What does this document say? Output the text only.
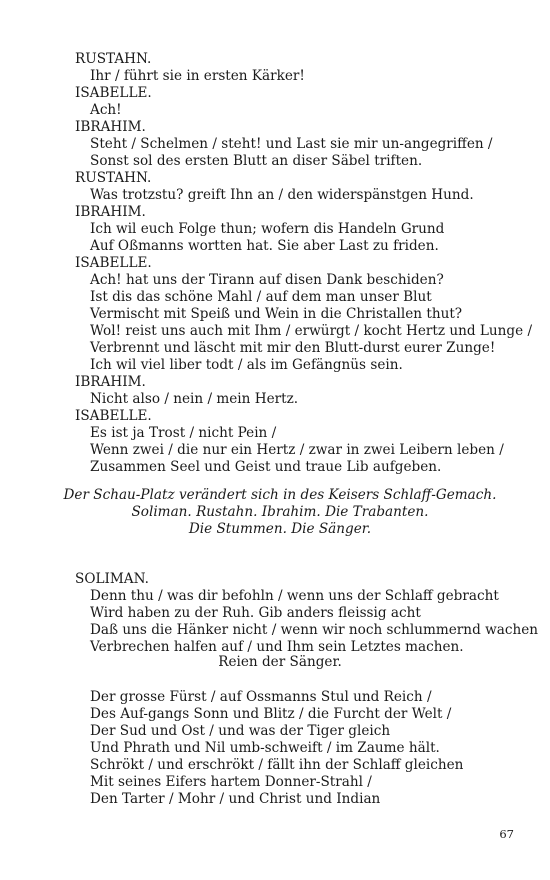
RUSTAHN.
Ihr / führt sie in ersten Kärker!
ISABELLE.
Ach!
IBRAHIM.
Steht / Schelmen / steht! und Last sie mir un-angegriffen /
Sonst sol des ersten Blutt an diser Säbel triften.
RUSTAHN.
Was trotzstu? greift Ihn an / den widerspänstgen Hund.
IBRAHIM.
Ich wil euch Folge thun; wofern dis Handeln Grund
Auf Oßmanns wortten hat. Sie aber Last zu friden.
ISABELLE.
Ach! hat uns der Tirann auf disen Dank beschiden?
Ist dis das schöne Mahl / auf dem man unser Blut
Vermischt mit Speiß und Wein in die Christallen thut?
Wol! reist uns auch mit Ihm / erwürgt / kocht Hertz und Lunge /
Verbrennt und läscht mit mir den Blutt-durst eurer Zunge!
Ich wil viel liber todt / als im Gefängnüs sein.
IBRAHIM.
Nicht also / nein / mein Hertz.
ISABELLE.
Es ist ja Trost / nicht Pein /
Wenn zwei / die nur ein Hertz / zwar in zwei Leibern leben /
Zusammen Seel und Geist und traue Lib aufgeben.
Der Schau-Platz verändert sich in des Keisers Schlaff-Gemach.
Soliman. Rustahn. Ibrahim. Die Trabanten.
Die Stummen. Die Sänger.
SOLIMAN.
Denn thu / was dir befohln / wenn uns der Schlaff gebracht
Wird haben zu der Ruh. Gib anders fleissig acht
Daß uns die Hänker nicht / wenn wir noch schlummernd wachen
Verbrechen halfen auf / und Ihm sein Letztes machen.
Reien der Sänger.
Der grosse Fürst / auf Ossmanns Stul und Reich /
Des Auf-gangs Sonn und Blitz / die Furcht der Welt /
Der Sud und Ost / und was der Tiger gleich
Und Phrath und Nil umb-schweift / im Zaume hält.
Schrökt / und erschrökt / fällt ihn der Schlaff gleichen
Mit seines Eifers hartem Donner-Strahl /
Den Tarter / Mohr / und Christ und Indian
67
